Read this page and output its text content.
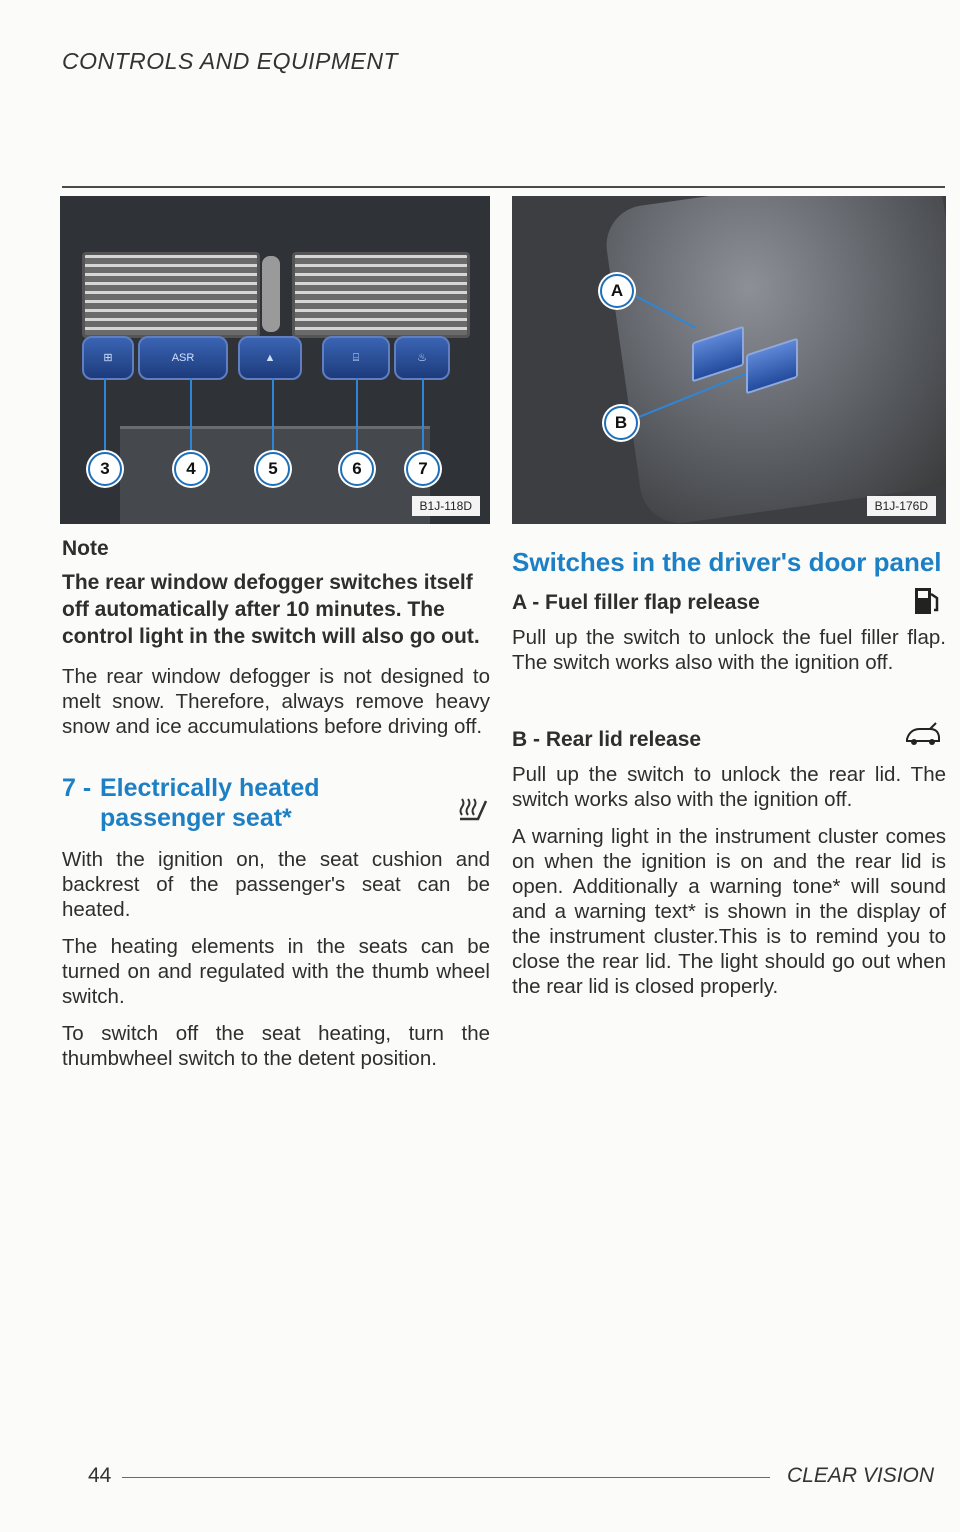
CONTROLS AND EQUIPMENT
⊞	ASR	▲	⌸	♨
3	4	5	6	7
B1J-118D
A
B
B1J-176D
Note
The rear window defogger switches itself off automatically after 10 minutes. The control light in the switch will also go out.

The rear window defogger is not designed to melt snow. Therefore, always remove heavy snow and ice accumulations before driving off.

7 - Electrically heated
passenger seat*

With the ignition on, the seat cushion and backrest of the passenger's seat can be heated.

The heating elements in the seats can be turned on and regulated with the thumb wheel switch.

To switch off the seat heating, turn the thumbwheel switch to the detent position.

Switches in the driver's door panel
A - Fuel filler flap release

Pull up the switch to unlock the fuel filler flap. The switch works also with the ignition off.

B - Rear lid release

Pull up the switch to unlock the rear lid. The switch works also with the ignition off.

A warning light in the instrument cluster comes on when the ignition is on and the rear lid is open. Additionally a warning tone* will sound and a warning text* is shown in the display of the instrument cluster.This is to remind you to close the rear lid. The light should go out when the rear lid is closed properly.

44	CLEAR VISION
